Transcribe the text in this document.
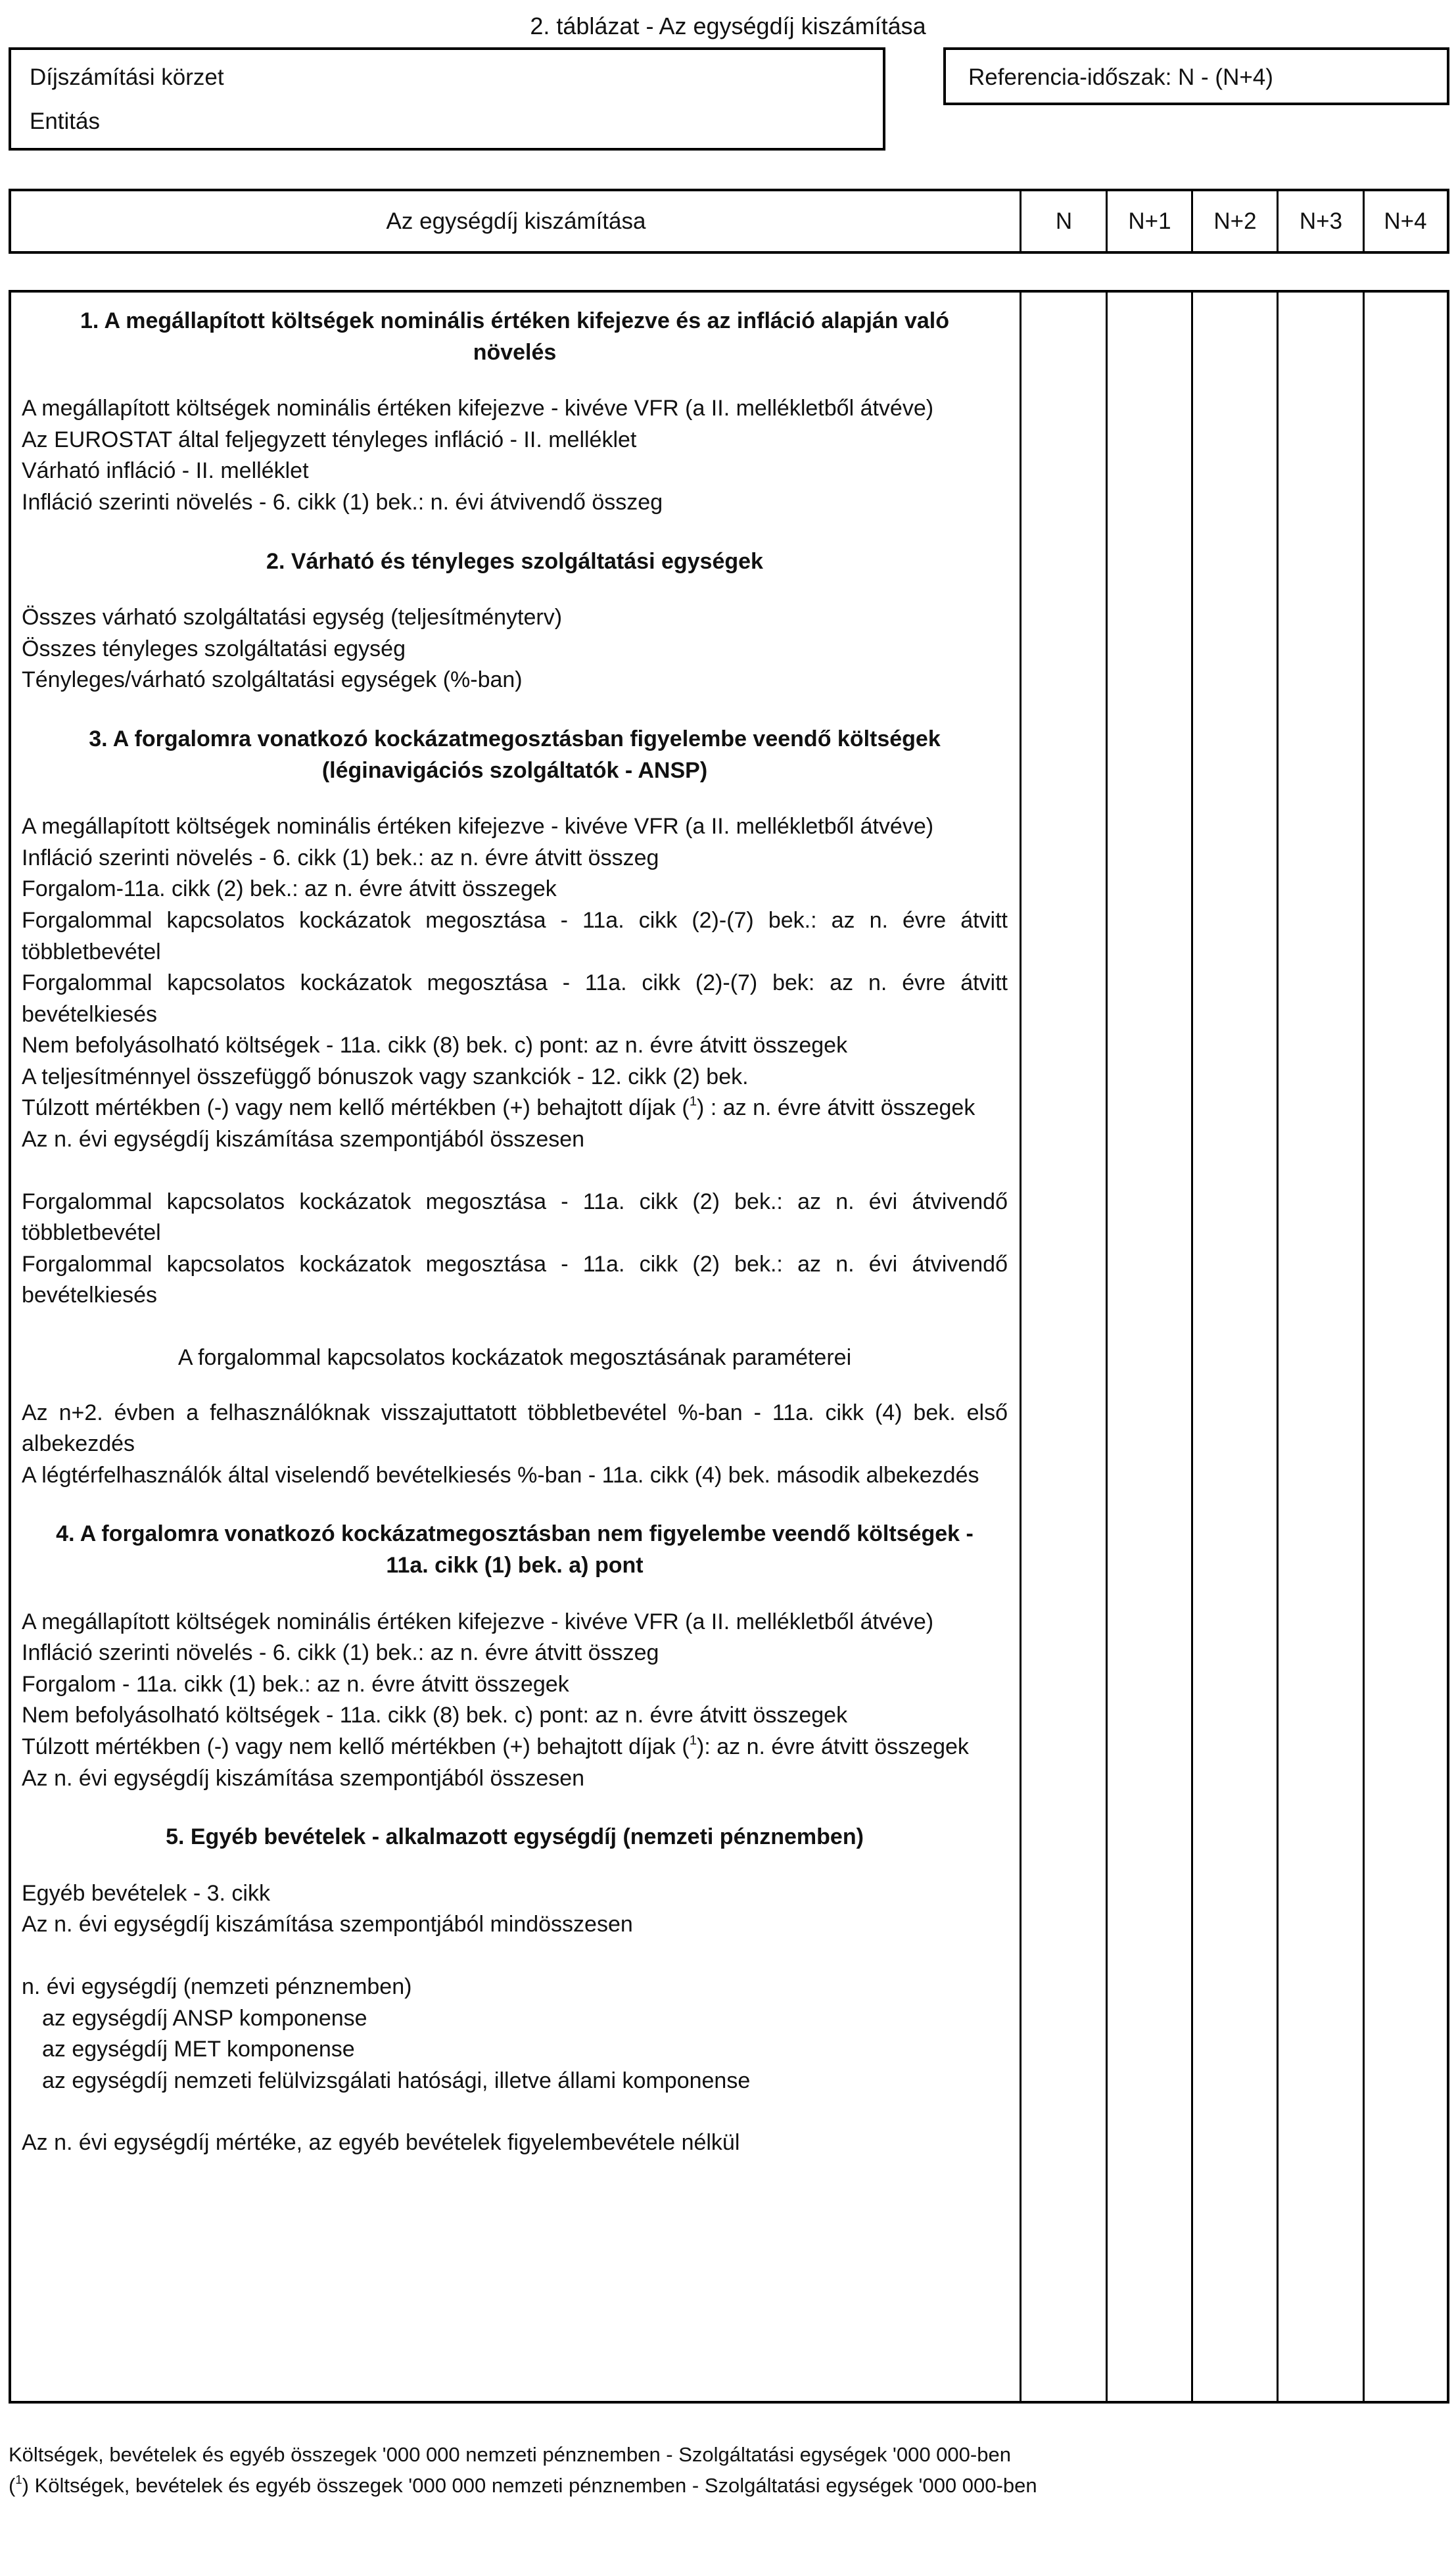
2. táblázat - Az egységdíj kiszámítása
Díjszámítási körzet
Entitás
Referencia-időszak: N - (N+4)
Az egységdíj kiszámítása	N N+1 N+2 N+3 N+4
1. A megállapított költségek nominális értéken kifejezve és az infláció alapján való növelés
A megállapított költségek nominális értéken kifejezve - kivéve VFR (a II. mellékletből átvéve)
Az EUROSTAT által feljegyzett tényleges infláció - II. melléklet
Várható infláció - II. melléklet
Infláció szerinti növelés - 6. cikk (1) bek.: n. évi átvivendő összeg
2. Várható és tényleges szolgáltatási egységek
Összes várható szolgáltatási egység (teljesítményterv)
Összes tényleges szolgáltatási egység
Tényleges/várható szolgáltatási egységek (%-ban)
3. A forgalomra vonatkozó kockázatmegosztásban figyelembe veendő költségek (léginavigációs szolgáltatók - ANSP)
A megállapított költségek nominális értéken kifejezve - kivéve VFR (a II. mellékletből átvéve)
Infláció szerinti növelés - 6. cikk (1) bek.: az n. évre átvitt összeg
Forgalom-11a. cikk (2) bek.: az n. évre átvitt összegek
Forgalommal kapcsolatos kockázatok megosztása - 11a. cikk (2)-(7) bek.: az n. évre átvitt többletbevétel
Forgalommal kapcsolatos kockázatok megosztása - 11a. cikk (2)-(7) bek: az n. évre átvitt bevételkiesés
Nem befolyásolható költségek - 11a. cikk (8) bek. c) pont: az n. évre átvitt összegek
A teljesítménnyel összefüggő bónuszok vagy szankciók - 12. cikk (2) bek.
Túlzott mértékben (-) vagy nem kellő mértékben (+) behajtott díjak ($^1$) : az n. évre átvitt összegek
Az n. évi egységdíj kiszámítása szempontjából összesen
Forgalommal kapcsolatos kockázatok megosztása - 11a. cikk (2) bek.: az n. évi átvivendő többletbevétel
Forgalommal kapcsolatos kockázatok megosztása - 11a. cikk (2) bek.: az n. évi átvivendő bevételkiesés
A forgalommal kapcsolatos kockázatok megosztásának paraméterei
Az n+2. évben a felhasználóknak visszajuttatott többletbevétel %-ban - 11a. cikk (4) bek. első albekezdés
A légtérfelhasználók által viselendő bevételkiesés %-ban - 11a. cikk (4) bek. második albekezdés
4. A forgalomra vonatkozó kockázatmegosztásban nem figyelembe veendő költségek - 11a. cikk (1) bek. a) pont
A megállapított költségek nominális értéken kifejezve - kivéve VFR (a II. mellékletből átvéve)
Infláció szerinti növelés - 6. cikk (1) bek.: az n. évre átvitt összeg
Forgalom - 11a. cikk (1) bek.: az n. évre átvitt összegek
Nem befolyásolható költségek - 11a. cikk (8) bek. c) pont: az n. évre átvitt összegek
Túlzott mértékben (-) vagy nem kellő mértékben (+) behajtott díjak ($^1$): az n. évre átvitt összegek
Az n. évi egységdíj kiszámítása szempontjából összesen
5. Egyéb bevételek - alkalmazott egységdíj (nemzeti pénznemben)
Egyéb bevételek - 3. cikk
Az n. évi egységdíj kiszámítása szempontjából mindösszesen
n. évi egységdíj (nemzeti pénznemben)
az egységdíj ANSP komponense
az egységdíj MET komponense
az egységdíj nemzeti felülvizsgálati hatósági, illetve állami komponense
Az n. évi egységdíj mértéke, az egyéb bevételek figyelembevétele nélkül
Költségek, bevételek és egyéb összegek '000 000 nemzeti pénznemben - Szolgáltatási egységek '000 000-ben
($^1$) Költségek, bevételek és egyéb összegek '000 000 nemzeti pénznemben - Szolgáltatási egységek '000 000-ben
